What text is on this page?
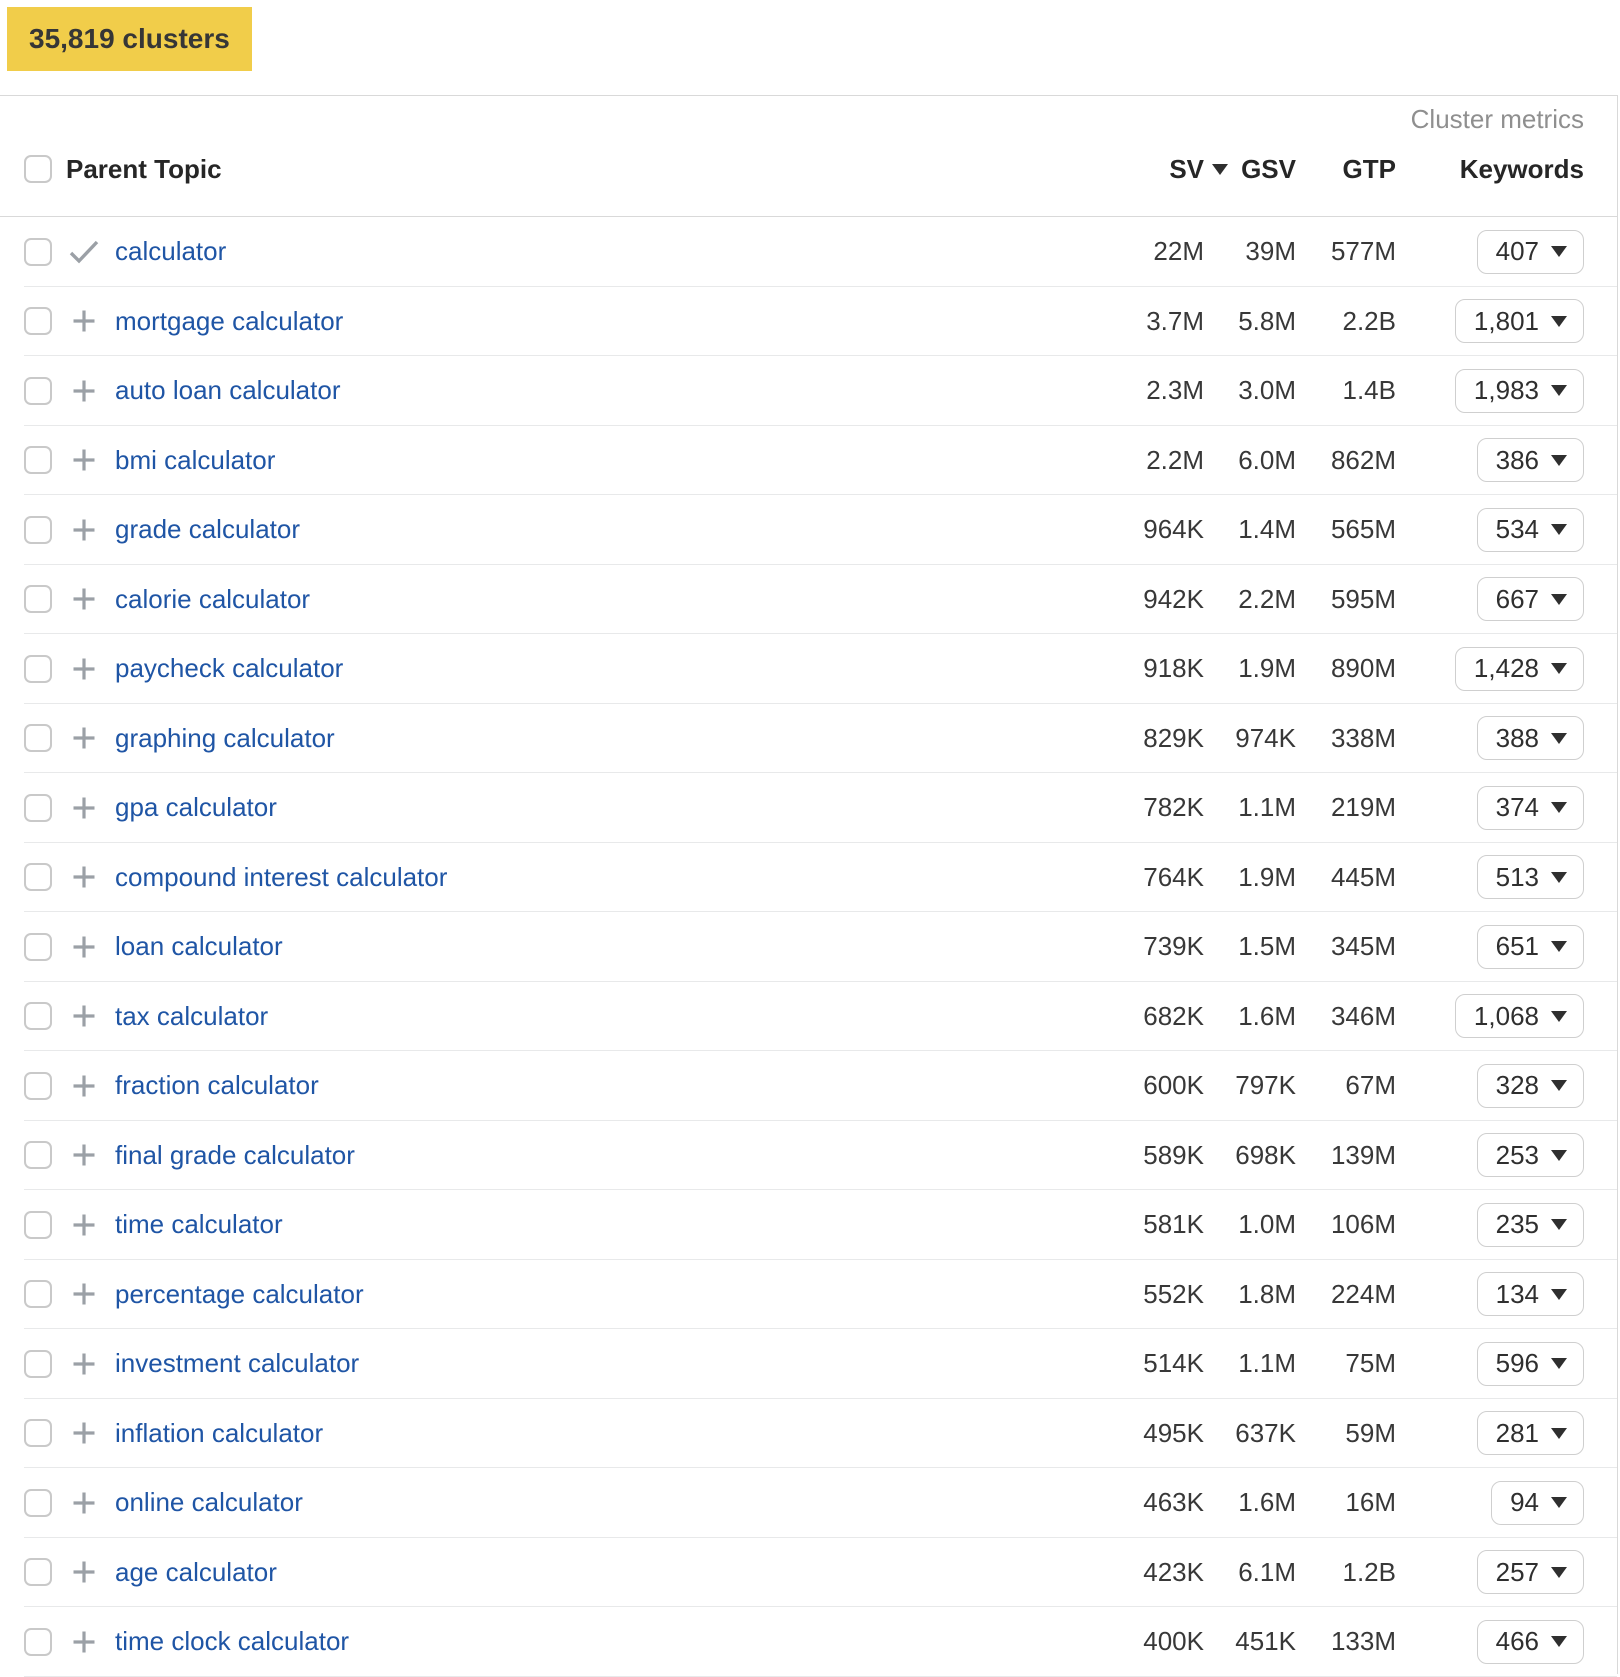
35,819 clusters
Cluster metrics
Parent Topic	SV	GSV	GTP	Keywords
calculator	22M	39M	577M	407
mortgage calculator	3.7M	5.8M	2.2B	1,801
auto loan calculator	2.3M	3.0M	1.4B	1,983
bmi calculator	2.2M	6.0M	862M	386
grade calculator	964K	1.4M	565M	534
calorie calculator	942K	2.2M	595M	667
paycheck calculator	918K	1.9M	890M	1,428
graphing calculator	829K	974K	338M	388
gpa calculator	782K	1.1M	219M	374
compound interest calculator	764K	1.9M	445M	513
loan calculator	739K	1.5M	345M	651
tax calculator	682K	1.6M	346M	1,068
fraction calculator	600K	797K	67M	328
final grade calculator	589K	698K	139M	253
time calculator	581K	1.0M	106M	235
percentage calculator	552K	1.8M	224M	134
investment calculator	514K	1.1M	75M	596
inflation calculator	495K	637K	59M	281
online calculator	463K	1.6M	16M	94
age calculator	423K	6.1M	1.2B	257
time clock calculator	400K	451K	133M	466
